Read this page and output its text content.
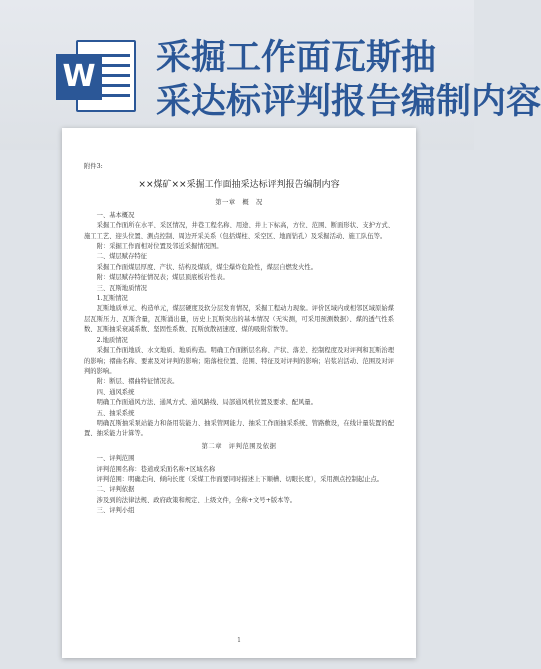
W 采掘工作面瓦斯抽
采达标评判报告编制内容

附件3:

××煤矿××采掘工作面抽采达标评判报告编制内容

第一章　概　况

一、基本概况

采掘工作面所在水平、采区情况，井巷工程名称、用途、井上下标高，方位、范围、断面形状、支护方式、施工工艺、迎头位置、测点控制、周边开采关系（包括煤柱、采空区、地面钻孔）及采掘活动、施工队伍等。

附：采掘工作面相对位置及邻近采掘情况图。

二、煤层赋存特征

采掘工作面煤层厚度、产状、结构及煤质，煤尘爆炸危险性，煤层自燃发火性。

附：煤层赋存特征情况表；煤层顶底板岩性表。

三、瓦斯地质情况

1.瓦斯情况

瓦斯地质单元、构造单元，煤层硬度及软分层发育情况，采掘工程动力现象。评价区域内或相邻区域原始煤层瓦斯压力、瓦斯含量，瓦斯涌出量，历史上瓦斯突出的基本情况（无实测，可采用预测数据）、煤的透气性系数、瓦斯抽采衰减系数、坚固性系数、瓦斯放散初速度、煤的吸附常数等。

2.地质情况

采掘工作面地质、水文地质、地质构造。明确工作面断层名称、产状、落差、控制程度及对评判和瓦斯治理的影响；褶曲名称、要素及对评判的影响；陷落柱位置、范围、特征及对评判的影响；岩浆岩活动、范围及对评判的影响。

附：断层、褶曲特征情况表。

四、通风系统

明确工作面通风方法、通风方式、通风路线、局部通风机位置及要求、配风量。

五、抽采系统

明确瓦斯抽采泵站能力和备用装能力、抽采管网能力、抽采工作面抽采系统、管路敷设，在线计量装置的配置、抽采能力计算等。

第二章　评判范围及依据

一、评判范围

评判范围名称：巷道或采面名称+区域名称

评判范围：明确走向、倾向长度（采煤工作面要同时描述上下顺槽、切眼长度），采用测点控制起止点。

二、评判依据

涉及到的法律法规、政府政策和规定、上级文件，全称+文号+版本等。

三、评判小组

1
